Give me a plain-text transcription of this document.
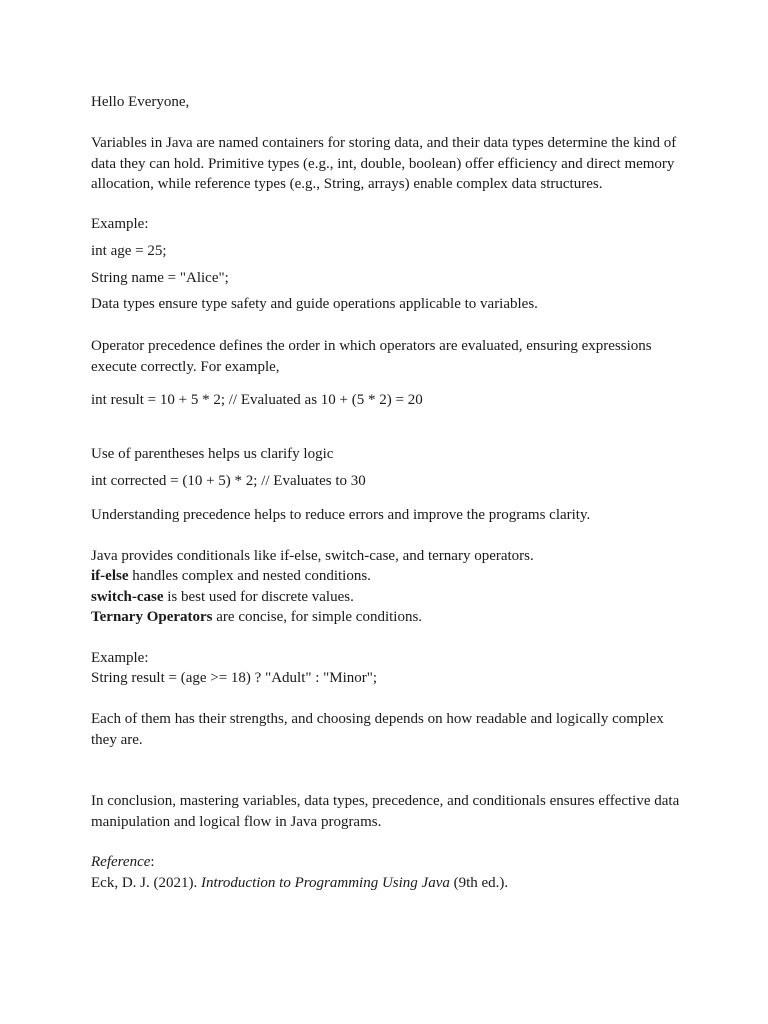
Hello Everyone,
Variables in Java are named containers for storing data, and their data types determine the kind of data they can hold. Primitive types (e.g., int, double, boolean) offer efficiency and direct memory allocation, while reference types (e.g., String, arrays) enable complex data structures.
Example:
int age = 25;
String name = "Alice";
Data types ensure type safety and guide operations applicable to variables.
Operator precedence defines the order in which operators are evaluated, ensuring expressions execute correctly. For example,
int result = 10 + 5 * 2; // Evaluated as 10 + (5 * 2) = 20
Use of parentheses helps us clarify logic
int corrected = (10 + 5) * 2; // Evaluates to 30
Understanding precedence helps to reduce errors and improve the programs clarity.
Java provides conditionals like if-else, switch-case, and ternary operators.
if-else handles complex and nested conditions.
switch-case is best used for discrete values.
Ternary Operators are concise, for simple conditions.
Example:
String result = (age >= 18) ? "Adult" : "Minor";
Each of them has their strengths, and choosing depends on how readable and logically complex they are.
In conclusion, mastering variables, data types, precedence, and conditionals ensures effective data manipulation and logical flow in Java programs.
Reference:
Eck, D. J. (2021). Introduction to Programming Using Java (9th ed.).
